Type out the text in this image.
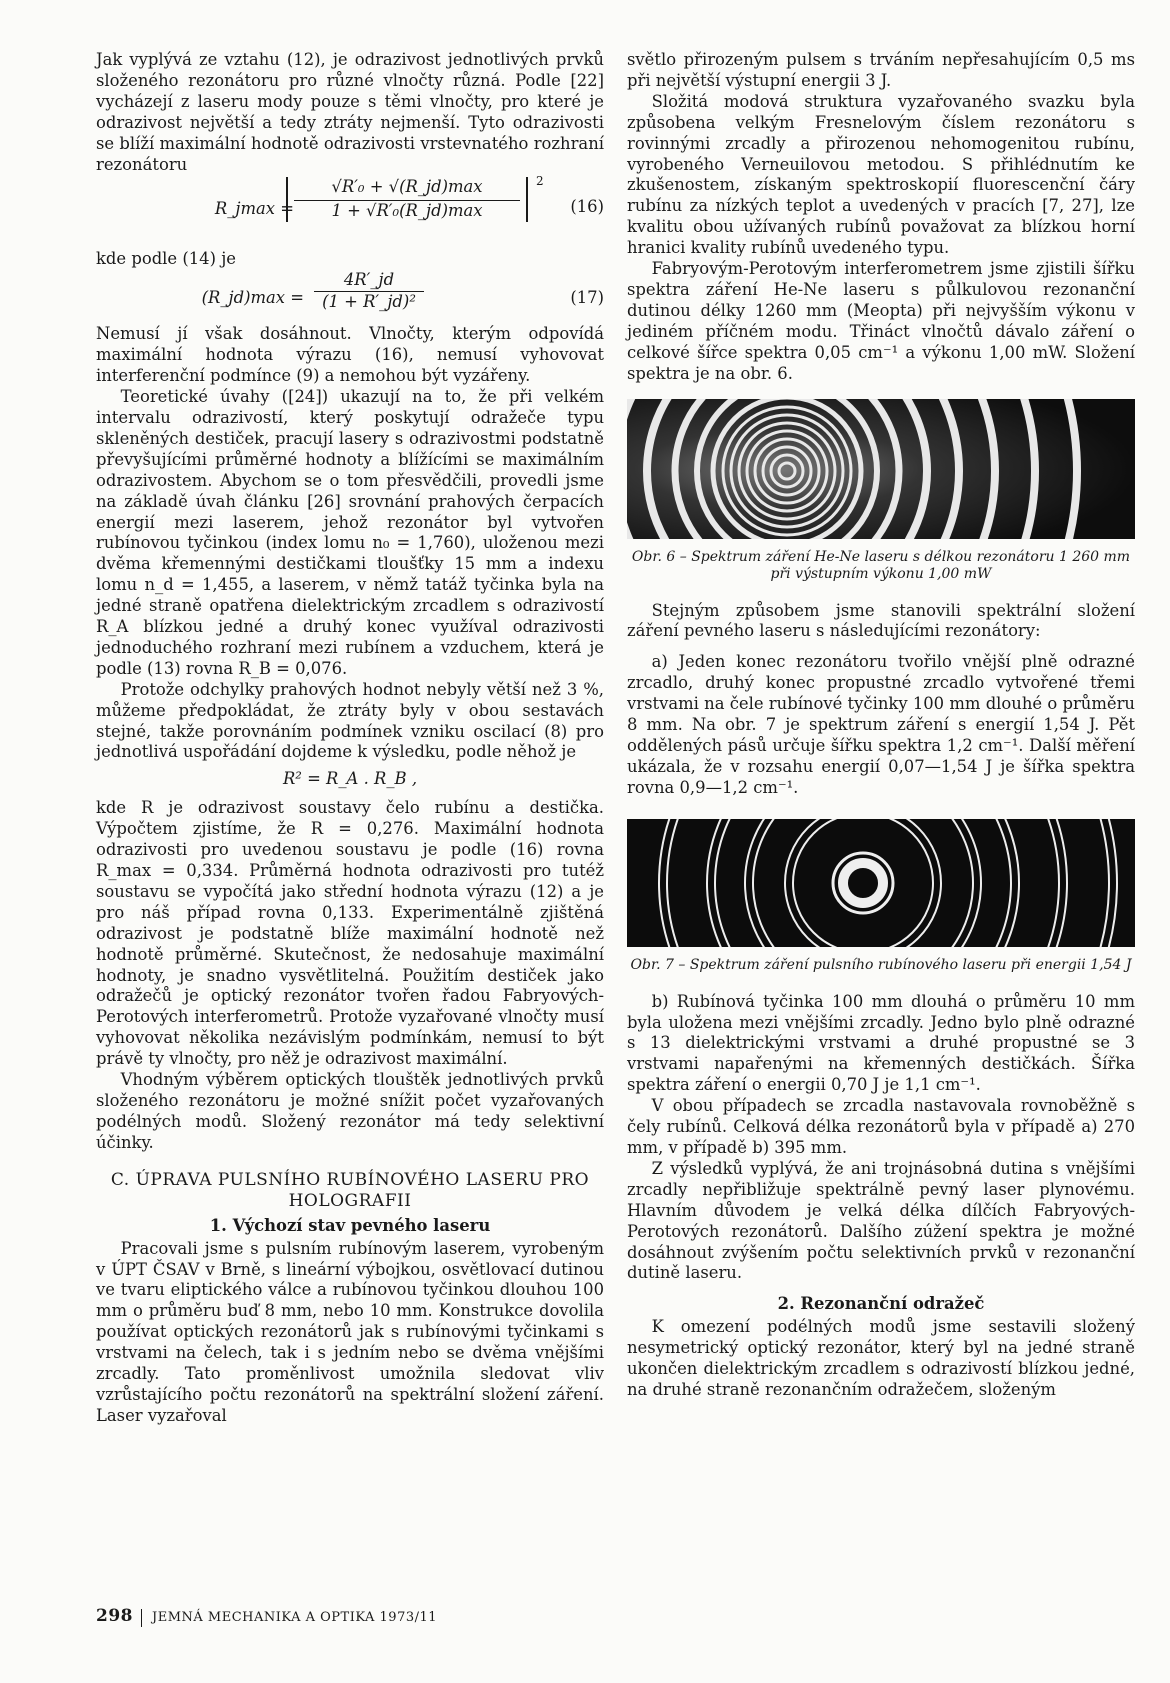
Jak vyplývá ze vztahu (12), je odrazivost jednotlivých prvků složeného rezonátoru pro různé vlnočty různá. Podle [22] vycházejí z laseru mody pouze s těmi vlnočty, pro které je odrazivost největší a tedy ztráty nejmenší. Tyto odrazivosti se blíží maximální hodnotě odrazivosti vrstevnatého rozhraní rezonátoru

R_jmax =
√R′₀ + √(R_jd)max
1 + √R′₀(R_jd)max
2
(16)

kde podle (14) je

(R_jd)max = $\frac{4R'\_jd}{\text{(1 + R′\_jd)²}}$	(17)

Nemusí jí však dosáhnout. Vlnočty, kterým odpovídá maximální hodnota výrazu (16), nemusí vyhovovat interferenční podmínce (9) a nemohou být vyzářeny.

Teoretické úvahy ([24]) ukazují na to, že při velkém intervalu odrazivostí, který poskytují odražeče typu skleněných destiček, pracují lasery s odrazivostmi podstatně převyšujícími průměrné hodnoty a blížícími se maximálním odrazivostem. Abychom se o tom přesvědčili, provedli jsme na základě úvah článku [26] srovnání prahových čerpacích energií mezi laserem, jehož rezonátor byl vytvořen rubínovou tyčinkou (index lomu n₀ = 1,760), uloženou mezi dvěma křemennými destičkami tloušťky 15 mm a indexu lomu n_d = 1,455, a laserem, v němž tatáž tyčinka byla na jedné straně opatřena dielektrickým zrcadlem s odrazivostí R_A blízkou jedné a druhý konec využíval odrazivosti jednoduchého rozhraní mezi rubínem a vzduchem, která je podle (13) rovna R_B = 0,076.

Protože odchylky prahových hodnot nebyly větší než 3 %, můžeme předpokládat, že ztráty byly v obou sestavách stejné, takže porovnáním podmínek vzniku oscilací (8) pro jednotlivá uspořádání dojdeme k výsledku, podle něhož je

R² = R_A . R_B ,

kde R je odrazivost soustavy čelo rubínu a destička. Výpočtem zjistíme, že R = 0,276. Maximální hodnota odrazivosti pro uvedenou soustavu je podle (16) rovna R_max = 0,334. Průměrná hodnota odrazivosti pro tutéž soustavu se vypočítá jako střední hodnota výrazu (12) a je pro náš případ rovna 0,133. Experimentálně zjištěná odrazivost je podstatně blíže maximální hodnotě než hodnotě průměrné. Skutečnost, že nedosahuje maximální hodnoty, je snadno vysvětlitelná. Použitím destiček jako odražečů je optický rezonátor tvořen řadou Fabryových-Perotových interferometrů. Protože vyzařované vlnočty musí vyhovovat několika nezávislým podmínkám, nemusí to být právě ty vlnočty, pro něž je odrazivost maximální.

Vhodným výběrem optických tlouštěk jednotlivých prvků složeného rezonátoru je možné snížit počet vyzařovaných podélných modů. Složený rezonátor má tedy selektivní účinky.

C. ÚPRAVA PULSNÍHO RUBÍNOVÉHO LASERU PRO HOLOGRAFII
1. Výchozí stav pevného laseru

Pracovali jsme s pulsním rubínovým laserem, vyrobeným v ÚPT ČSAV v Brně, s lineární výbojkou, osvětlovací dutinou ve tvaru eliptického válce a rubínovou tyčinkou dlouhou 100 mm o průměru buď 8 mm, nebo 10 mm. Konstrukce dovolila používat optických rezonátorů jak s rubínovými tyčinkami s vrstvami na čelech, tak i s jedním nebo se dvěma vnějšími zrcadly. Tato proměnlivost umožnila sledovat vliv vzrůstajícího počtu rezonátorů na spektrální složení záření. Laser vyzařoval

světlo přirozeným pulsem s trváním nepřesahujícím 0,5 ms při největší výstupní energii 3 J.

Složitá modová struktura vyzařovaného svazku byla způsobena velkým Fresnelovým číslem rezonátoru s rovinnými zrcadly a přirozenou nehomogenitou rubínu, vyrobeného Verneuilovou metodou. S přihlédnutím ke zkušenostem, získaným spektroskopií fluorescenční čáry rubínu za nízkých teplot a uvedených v pracích [7, 27], lze kvalitu obou užívaných rubínů považovat za blízkou horní hranici kvality rubínů uvedeného typu.

Fabryovým-Perotovým interferometrem jsme zjistili šířku spektra záření He-Ne laseru s půlkulovou rezonanční dutinou délky 1260 mm (Meopta) při nejvyšším výkonu v jediném příčném modu. Třináct vlnočtů dávalo záření o celkové šířce spektra 0,05 cm⁻¹ a výkonu 1,00 mW. Složení spektra je na obr. 6.

Obr. 6 – Spektrum záření He-Ne laseru s délkou rezonátoru 1 260 mm při výstupním výkonu 1,00 mW

Stejným způsobem jsme stanovili spektrální složení záření pevného laseru s následujícími rezonátory:

a) Jeden konec rezonátoru tvořilo vnější plně odrazné zrcadlo, druhý konec propustné zrcadlo vytvořené třemi vrstvami na čele rubínové tyčinky 100 mm dlouhé o průměru 8 mm. Na obr. 7 je spektrum záření s energií 1,54 J. Pět oddělených pásů určuje šířku spektra 1,2 cm⁻¹. Další měření ukázala, že v rozsahu energií 0,07—1,54 J je šířka spektra rovna 0,9—1,2 cm⁻¹.

Obr. 7 – Spektrum záření pulsního rubínového laseru při energii 1,54 J

b) Rubínová tyčinka 100 mm dlouhá o průměru 10 mm byla uložena mezi vnějšími zrcadly. Jedno bylo plně odrazné s 13 dielektrickými vrstvami a druhé propustné se 3 vrstvami napařenými na křemenných destičkách. Šířka spektra záření o energii 0,70 J je 1,1 cm⁻¹.

V obou případech se zrcadla nastavovala rovnoběžně s čely rubínů. Celková délka rezonátorů byla v případě a) 270 mm, v případě b) 395 mm.

Z výsledků vyplývá, že ani trojnásobná dutina s vnějšími zrcadly nepřibližuje spektrálně pevný laser plynovému. Hlavním důvodem je velká délka dílčích Fabryových-Perotových rezonátorů. Dalšího zúžení spektra je možné dosáhnout zvýšením počtu selektivních prvků v rezonanční dutině laseru.

2. Rezonanční odražeč

K omezení podélných modů jsme sestavili složený nesymetrický optický rezonátor, který byl na jedné straně ukončen dielektrickým zrcadlem s odrazivostí blízkou jedné, na druhé straně rezonančním odražečem, složeným

298 JEMNÁ MECHANIKA A OPTIKA 1973/11
